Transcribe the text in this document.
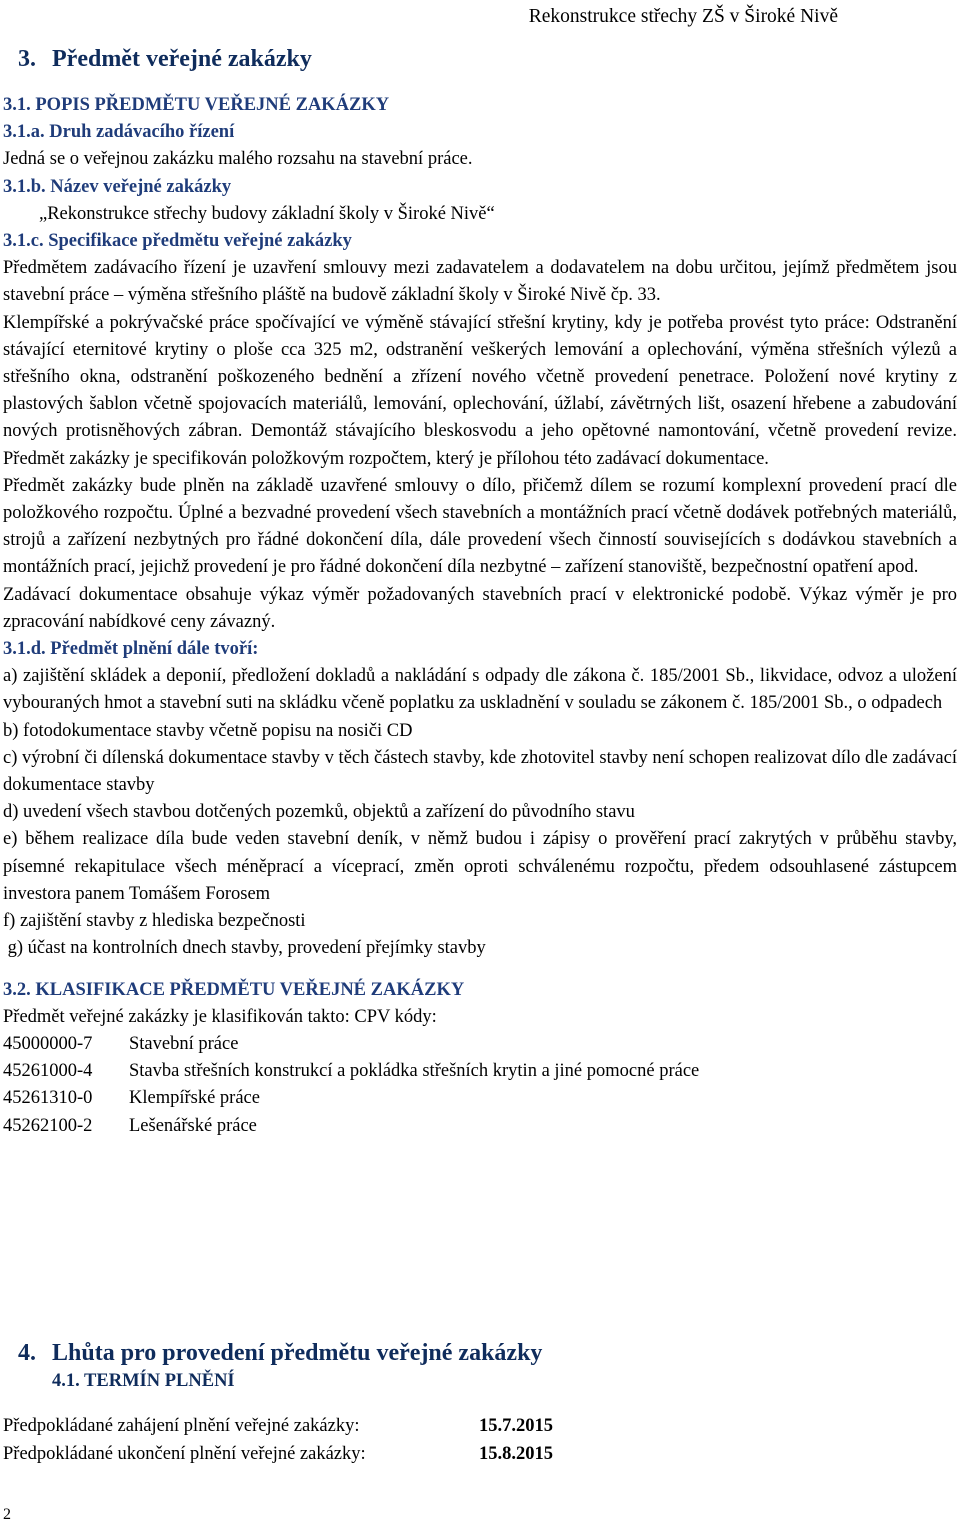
Rekonstrukce střechy ZŠ v Široké Nivě
3. Předmět veřejné zakázky
3.1. POPIS PŘEDMĚTU VEŘEJNÉ ZAKÁZKY
3.1.a. Druh zadávacího řízení
Jedná se o veřejnou zakázku malého rozsahu na stavební práce.
3.1.b. Název veřejné zakázky
„Rekonstrukce střechy budovy základní školy v Široké Nivě“
3.1.c. Specifikace předmětu veřejné zakázky

Předmětem zadávacího řízení je uzavření smlouvy mezi zadavatelem a dodavatelem na dobu určitou, jejímž předmětem jsou stavební práce – výměna střešního pláště na budově základní školy v Široké Nivě čp. 33.

Klempířské a pokrývačské práce spočívající ve výměně stávající střešní krytiny, kdy je potřeba provést tyto práce: Odstranění stávající eternitové krytiny o ploše cca 325 m2, odstranění veškerých lemování a oplechování, výměna střešních výlezů a střešního okna, odstranění poškozeného bednění a zřízení nového včetně provedení penetrace. Položení nové krytiny z plastových šablon včetně spojovacích materiálů, lemování, oplechování, úžlabí, závětrných lišt, osazení hřebene a zabudování nových protisněhových zábran. Demontáž stávajícího bleskosvodu a jeho opětovné namontování, včetně provedení revize. Předmět zakázky je specifikován položkovým rozpočtem, který je přílohou této zadávací dokumentace.

Předmět zakázky bude plněn na základě uzavřené smlouvy o dílo, přičemž dílem se rozumí komplexní provedení prací dle položkového rozpočtu. Úplné a bezvadné provedení všech stavebních a montážních prací včetně dodávek potřebných materiálů, strojů a zařízení nezbytných pro řádné dokončení díla, dále provedení všech činností souvisejících s dodávkou stavebních a montážních prací, jejichž provedení je pro řádné dokončení díla nezbytné – zařízení stanoviště, bezpečnostní opatření apod.

Zadávací dokumentace obsahuje výkaz výměr požadovaných stavebních prací v elektronické podobě. Výkaz výměr je pro zpracování nabídkové ceny závazný.

3.1.d. Předmět plnění dále tvoří:

a) zajištění skládek a deponií, předložení dokladů a nakládání s odpady dle zákona č. 185/2001 Sb., likvidace, odvoz a uložení vybouraných hmot a stavební suti na skládku včeně poplatku za uskladnění v souladu se zákonem č. 185/2001 Sb., o odpadech

b) fotodokumentace stavby včetně popisu na nosiči CD

c) výrobní či dílenská dokumentace stavby v těch částech stavby, kde zhotovitel stavby není schopen realizovat dílo dle zadávací dokumentace stavby

d) uvedení všech stavbou dotčených pozemků, objektů a zařízení do původního stavu

e) během realizace díla bude veden stavební deník, v němž budou i zápisy o prověření prací zakrytých v průběhu stavby, písemné rekapitulace všech méněprací a víceprací, změn oproti schválenému rozpočtu, předem odsouhlasené zástupcem investora panem Tomášem Forosem

f) zajištění stavby z hlediska bezpečnosti

g) účast na kontrolních dnech stavby, provedení přejímky stavby

3.2. KLASIFIKACE PŘEDMĚTU VEŘEJNÉ ZAKÁZKY
Předmět veřejné zakázky je klasifikován takto: CPV kódy:
45000000-7 Stavební práce
45261000-4 Stavba střešních konstrukcí a pokládka střešních krytin a jiné pomocné práce
45261310-0 Klempířské práce
45262100-2 Lešenářské práce
4. Lhůta pro provedení předmětu veřejné zakázky
4.1. TERMÍN PLNĚNÍ
Předpokládané zahájení plnění veřejné zakázky:	15.7.2015
Předpokládané ukončení plnění veřejné zakázky:	15.8.2015
2
